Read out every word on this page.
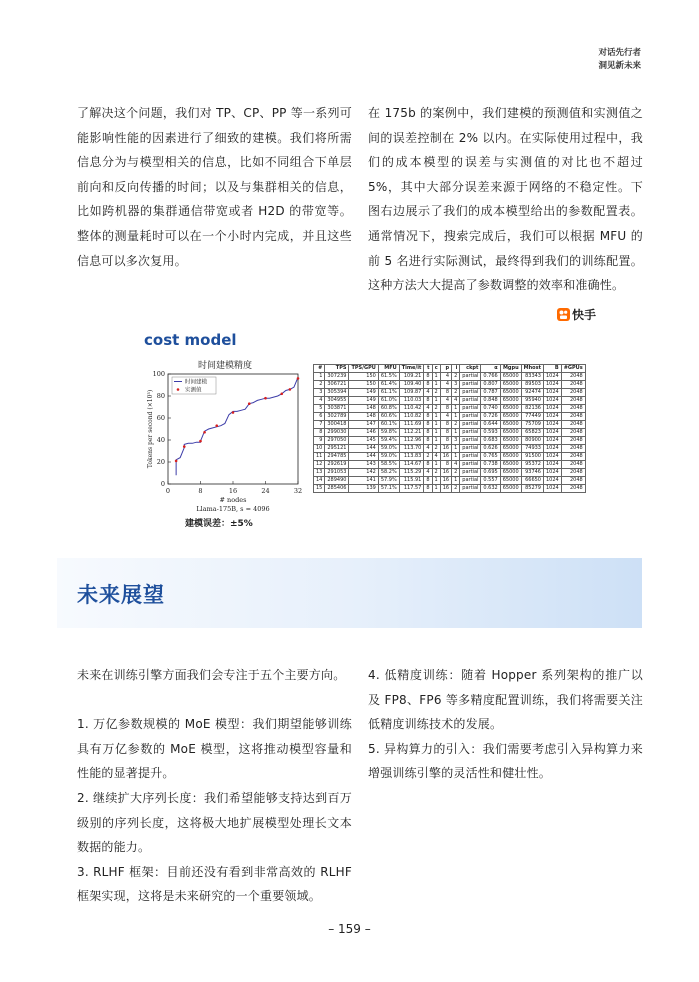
对话先行者
洞见新未来

了解决这个问题，我们对 TP、CP、PP 等一系列可能影响性能的因素进行了细致的建模。我们将所需信息分为与模型相关的信息，比如不同组合下单层前向和反向传播的时间；以及与集群相关的信息，比如跨机器的集群通信带宽或者 H2D 的带宽等。整体的测量耗时可以在一个小时内完成，并且这些信息可以多次复用。

在 175b 的案例中，我们建模的预测值和实测值之间的误差控制在 2% 以内。在实际使用过程中，我们的成本模型的误差与实测值的对比也不超过5%，其中大部分误差来源于网络的不稳定性。下图右边展示了我们的成本模型给出的参数配置表。通常情况下，搜索完成后，我们可以根据 MFU 的前 5 名进行实际测试，最终得到我们的训练配置。这种方法大大提高了参数调整的效率和准确性。

快手
cost model
时间建模精度
0	8	16	24	32
0
20
40
60
80
100
# nodes
Llama-175B, s = 4096
Tokens per second (×10³)
时间建模
实测值
建模误差：±5%
#	TPS	TPS/GPU	MFU	Time/it	t	c	p	i	ckpt	α	Mgpu	Mhost	B	#GPUs
1	307239	150	61.5%	109.21	8	1	4	2	partial	0.766	65000	83343	1024	2048
2	306721	150	61.4%	109.40	8	1	4	3	partial	0.807	65000	89503	1024	2048
3	305394	149	61.1%	109.87	4	2	8	2	partial	0.787	65000	92474	1024	2048
4	304955	149	61.0%	110.03	8	1	4	4	partial	0.848	65000	95940	1024	2048
5	303871	148	60.8%	110.42	4	2	8	1	partial	0.740	65000	82136	1024	2048
6	302789	148	60.6%	110.82	8	1	4	1	partial	0.726	65000	77449	1024	2048
7	300418	147	60.1%	111.69	8	1	8	2	partial	0.644	65000	75709	1024	2048
8	299030	146	59.8%	112.21	8	1	8	1	partial	0.593	65000	65823	1024	2048
9	297050	145	59.4%	112.96	8	1	8	3	partial	0.683	65000	80900	1024	2048
10	295121	144	59.0%	113.70	4	2	16	1	partial	0.626	65000	74933	1024	2048
11	294785	144	59.0%	113.83	2	4	16	1	partial	0.765	65000	91500	1024	2048
12	292619	143	58.5%	114.67	8	1	8	4	partial	0.738	65000	95372	1024	2048
13	291053	142	58.2%	115.29	4	2	16	2	partial	0.695	65000	93746	1024	2048
14	289490	141	57.9%	115.91	8	1	16	1	partial	0.557	65000	66650	1024	2048
15	285406	139	57.1%	117.57	8	1	16	2	partial	0.632	65000	85279	1024	2048
未来展望

未来在训练引擎方面我们会专注于五个主要方向。

1. 万亿参数规模的 MoE 模型：我们期望能够训练具有万亿参数的 MoE 模型，这将推动模型容量和性能的显著提升。

2. 继续扩大序列长度：我们希望能够支持达到百万级别的序列长度，这将极大地扩展模型处理长文本数据的能力。

3. RLHF 框架：目前还没有看到非常高效的 RLHF 框架实现，这将是未来研究的一个重要领域。

4. 低精度训练：随着 Hopper 系列架构的推广以及 FP8、FP6 等多精度配置训练，我们将需要关注低精度训练技术的发展。

5. 异构算力的引入：我们需要考虑引入异构算力来增强训练引擎的灵活性和健壮性。

– 159 –
